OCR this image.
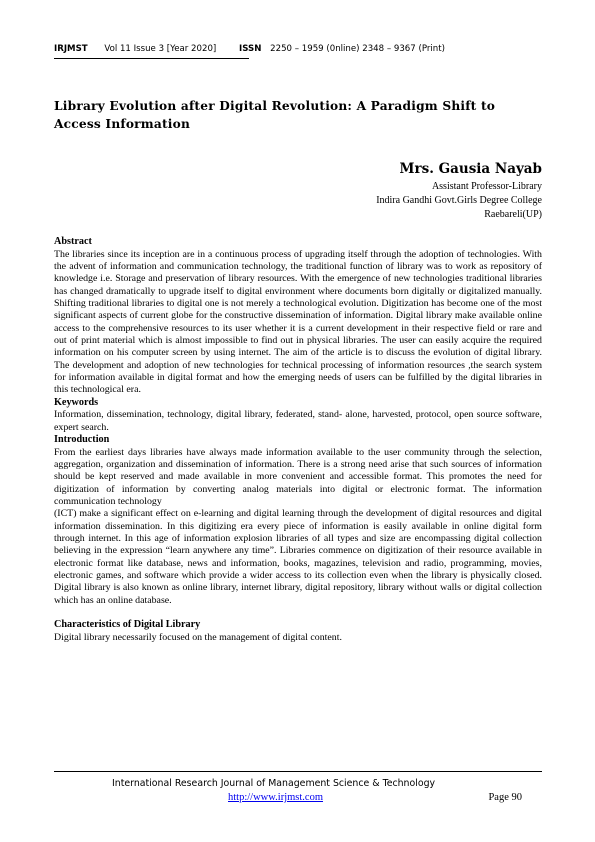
IRJMST Vol 11 Issue 3 [Year 2020]	ISSN 2250 – 1959 (0nline) 2348 – 9367 (Print)
Library Evolution after Digital Revolution: A Paradigm Shift to Access Information
Mrs. Gausia Nayab
Assistant Professor-Library
Indira Gandhi Govt.Girls Degree College
Raebareli(UP)
Abstract

The libraries since its inception are in a continuous process of upgrading itself through the adoption of technologies. With the advent of information and communication technology, the traditional function of library was to work as repository of knowledge i.e. Storage and preservation of library resources. With the emergence of new technologies traditional libraries has changed dramatically to upgrade itself to digital environment where documents born digitally or digitalized manually. Shifting traditional libraries to digital one is not merely a technological evolution. Digitization has become one of the most significant aspects of current globe for the constructive dissemination of information. Digital library make available online access to the comprehensive resources to its user whether it is a current development in their respective field or rare and out of print material which is almost impossible to find out in physical libraries. The user can easily acquire the required information on his computer screen by using internet. The aim of the article is to discuss the evolution of digital library. The development and adoption of new technologies for technical processing of information resources ,the search system for information available in digital format and how the emerging needs of users can be fulfilled by the digital libraries in this technological era.

Keywords

Information, dissemination, technology, digital library, federated, stand- alone, harvested, protocol, open source software, expert search.

Introduction

From the earliest days libraries have always made information available to the user community through the selection, aggregation, organization and dissemination of information. There is a strong need arise that such sources of information should be kept reserved and made available in more convenient and accessible format. This promotes the need for digitization of information by converting analog materials into digital or electronic format. The information communication technology

(ICT) make a significant effect on e-learning and digital learning through the development of digital resources and digital information dissemination. In this digitizing era every piece of information is easily available in online digital form through internet. In this age of information explosion libraries of all types and size are encompassing digital collection believing in the expression “learn anywhere any time”. Libraries commence on digitization of their resource available in electronic format like database, news and information, books, magazines, television and radio, programming, movies, electronic games, and software which provide a wider access to its collection even when the library is physically closed. Digital library is also known as online library, internet library, digital repository, library without walls or digital collection which has an online database.

Characteristics of Digital Library

Digital library necessarily focused on the management of digital content.

International Research Journal of Management Science & Technology
http://www.irjmst.com	Page 90
